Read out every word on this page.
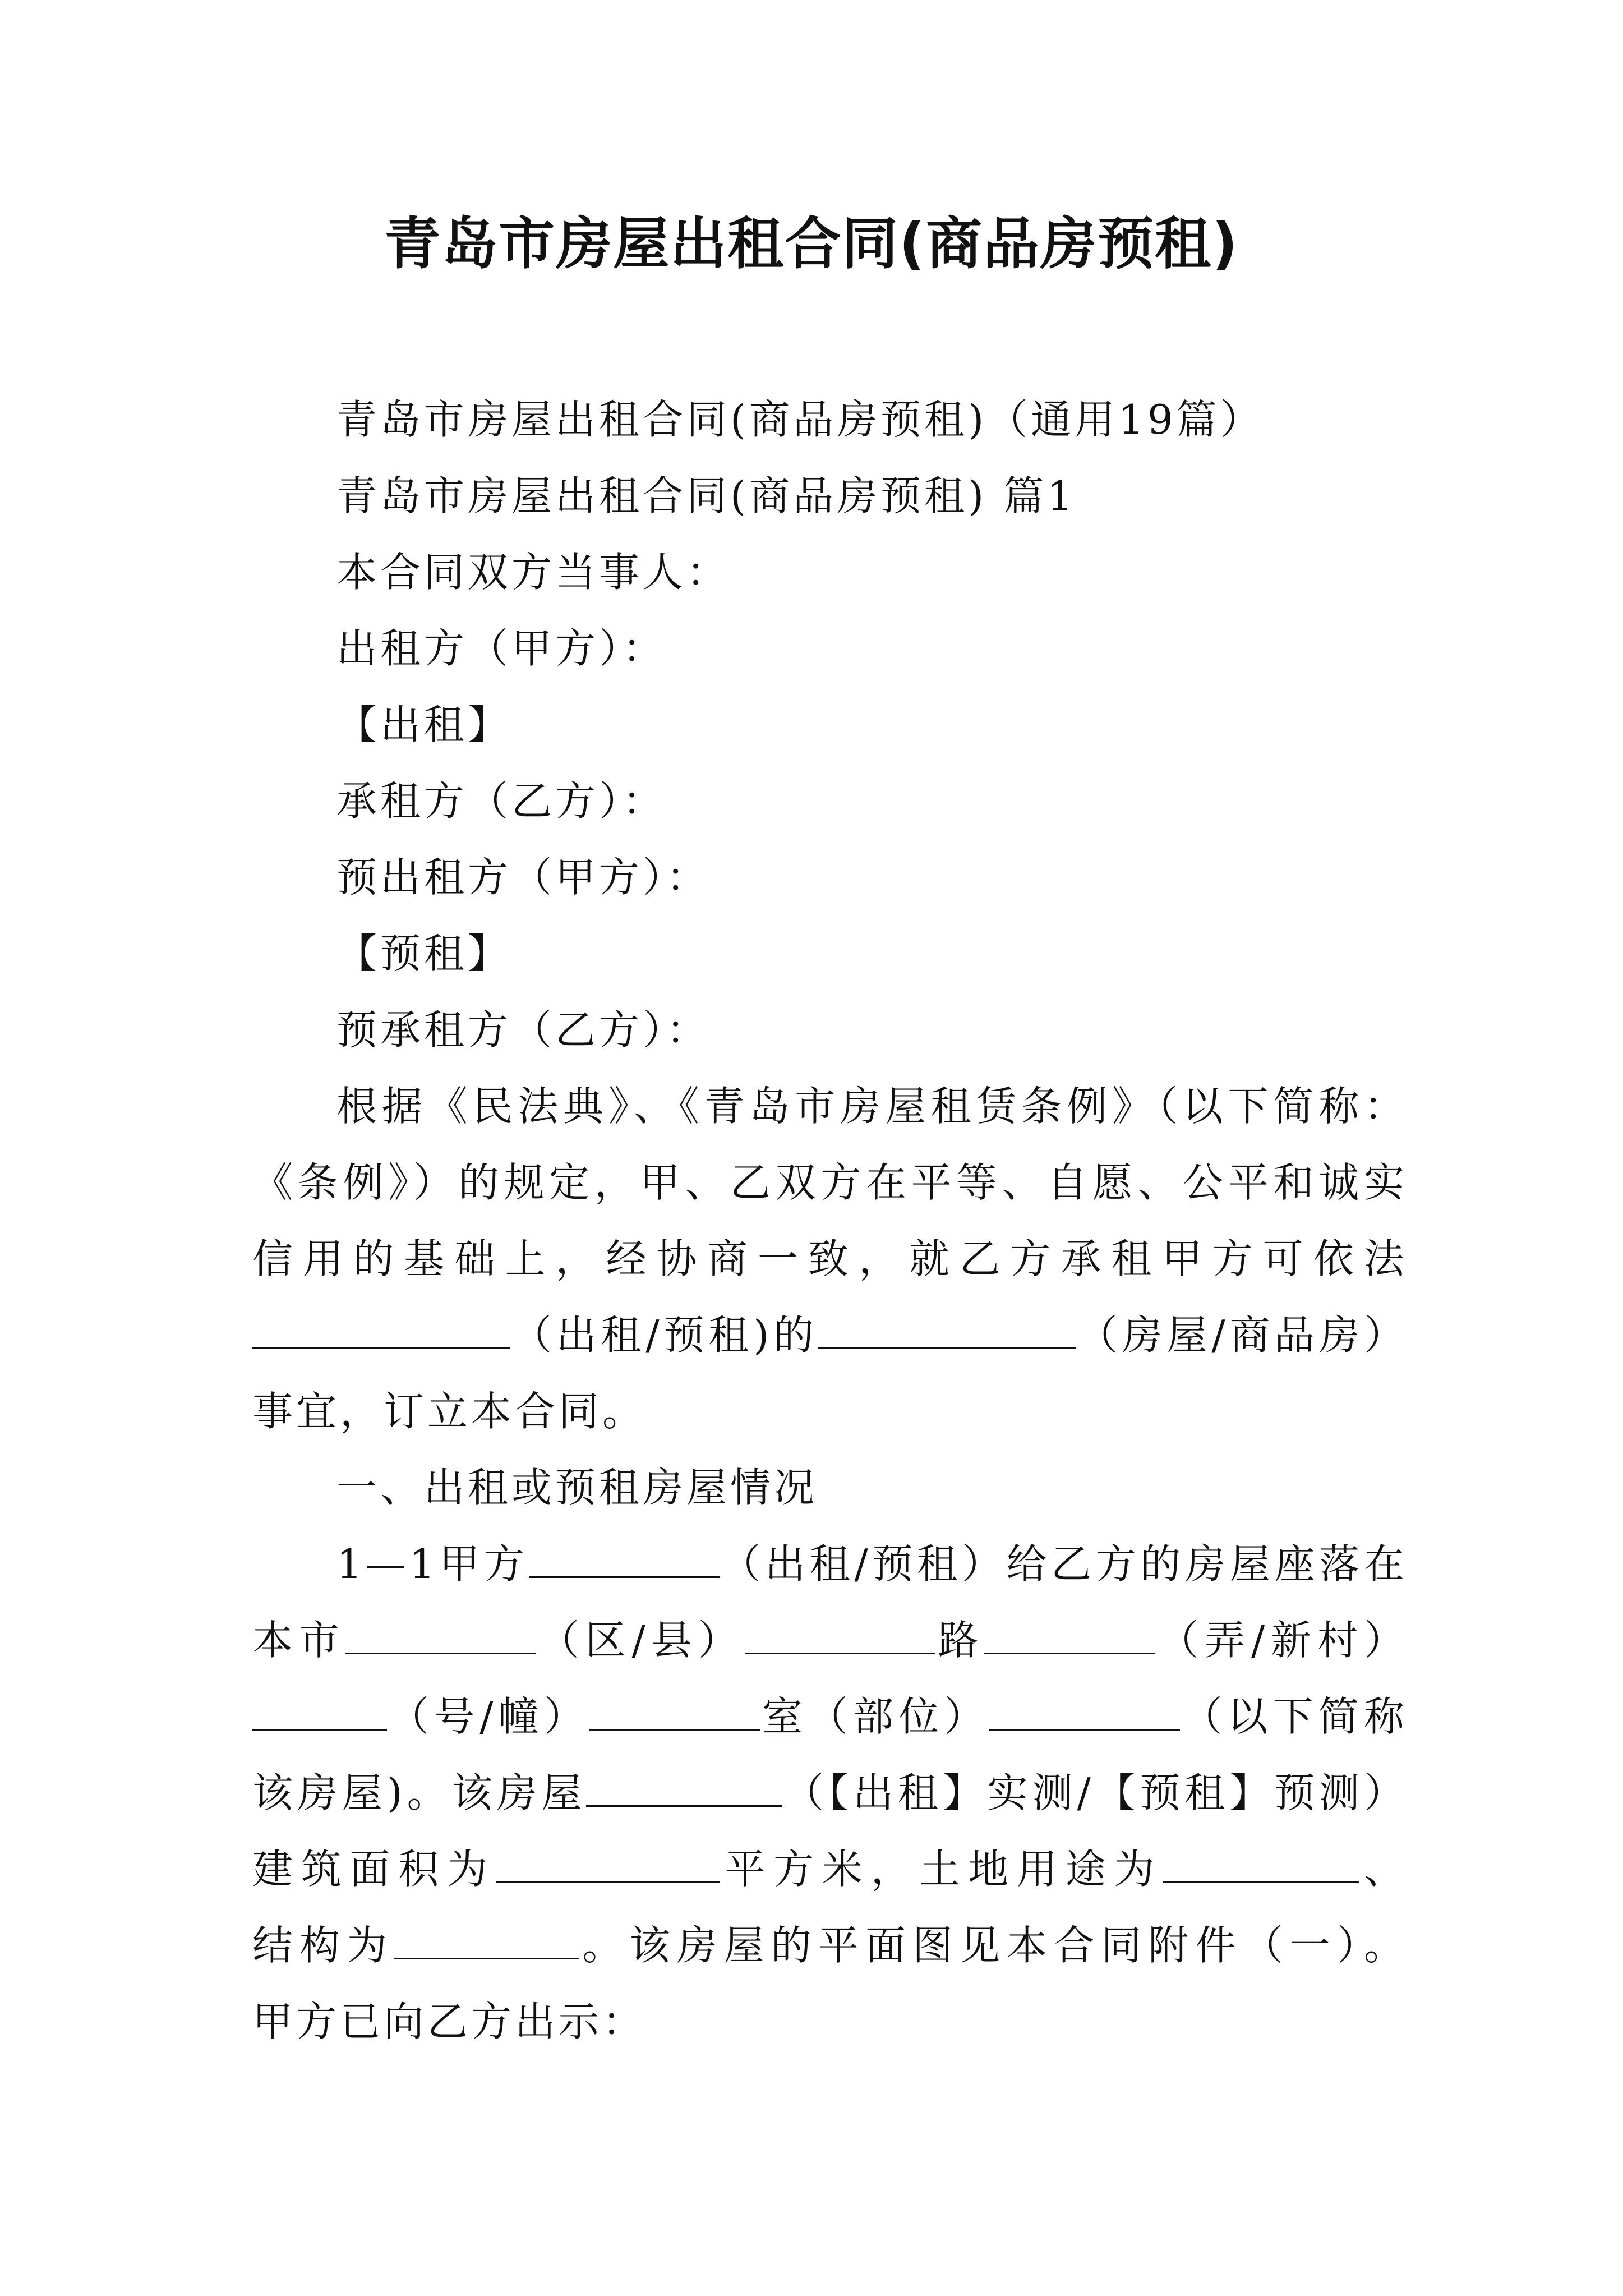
青岛市房屋出租合同(商品房预租)
青岛市房屋出租合同(商品房预租)（通用19篇）
青岛市房屋出租合同(商品房预租) 篇1
本合同双方当事人：
出租方（甲方）：
【出租】
承租方（乙方）：
预出租方（甲方）：
【预租】
预承租方（乙方）：
根据《民法典》、《青岛市房屋租赁条例》（以下简称：
《条例》）的规定，甲、乙双方在平等、自愿、公平和诚实
信用的基础上，经协商一致，就乙方承租甲方可依法
（出租/预租)的	（房屋/商品房）
事宜，订立本合同。
一、出租或预租房屋情况
1—1甲方	（出租/预租）给乙方的房屋座落在
本市	（区/县）	路	（弄/新村）
（号/幢）	室（部位）	（以下简称
该房屋)。该房屋	（【出租】实测/【预租】预测）
建筑面积为	平方米，土地用途为	、
结构为	。该房屋的平面图见本合同附件（一）。
甲方已向乙方出示：
